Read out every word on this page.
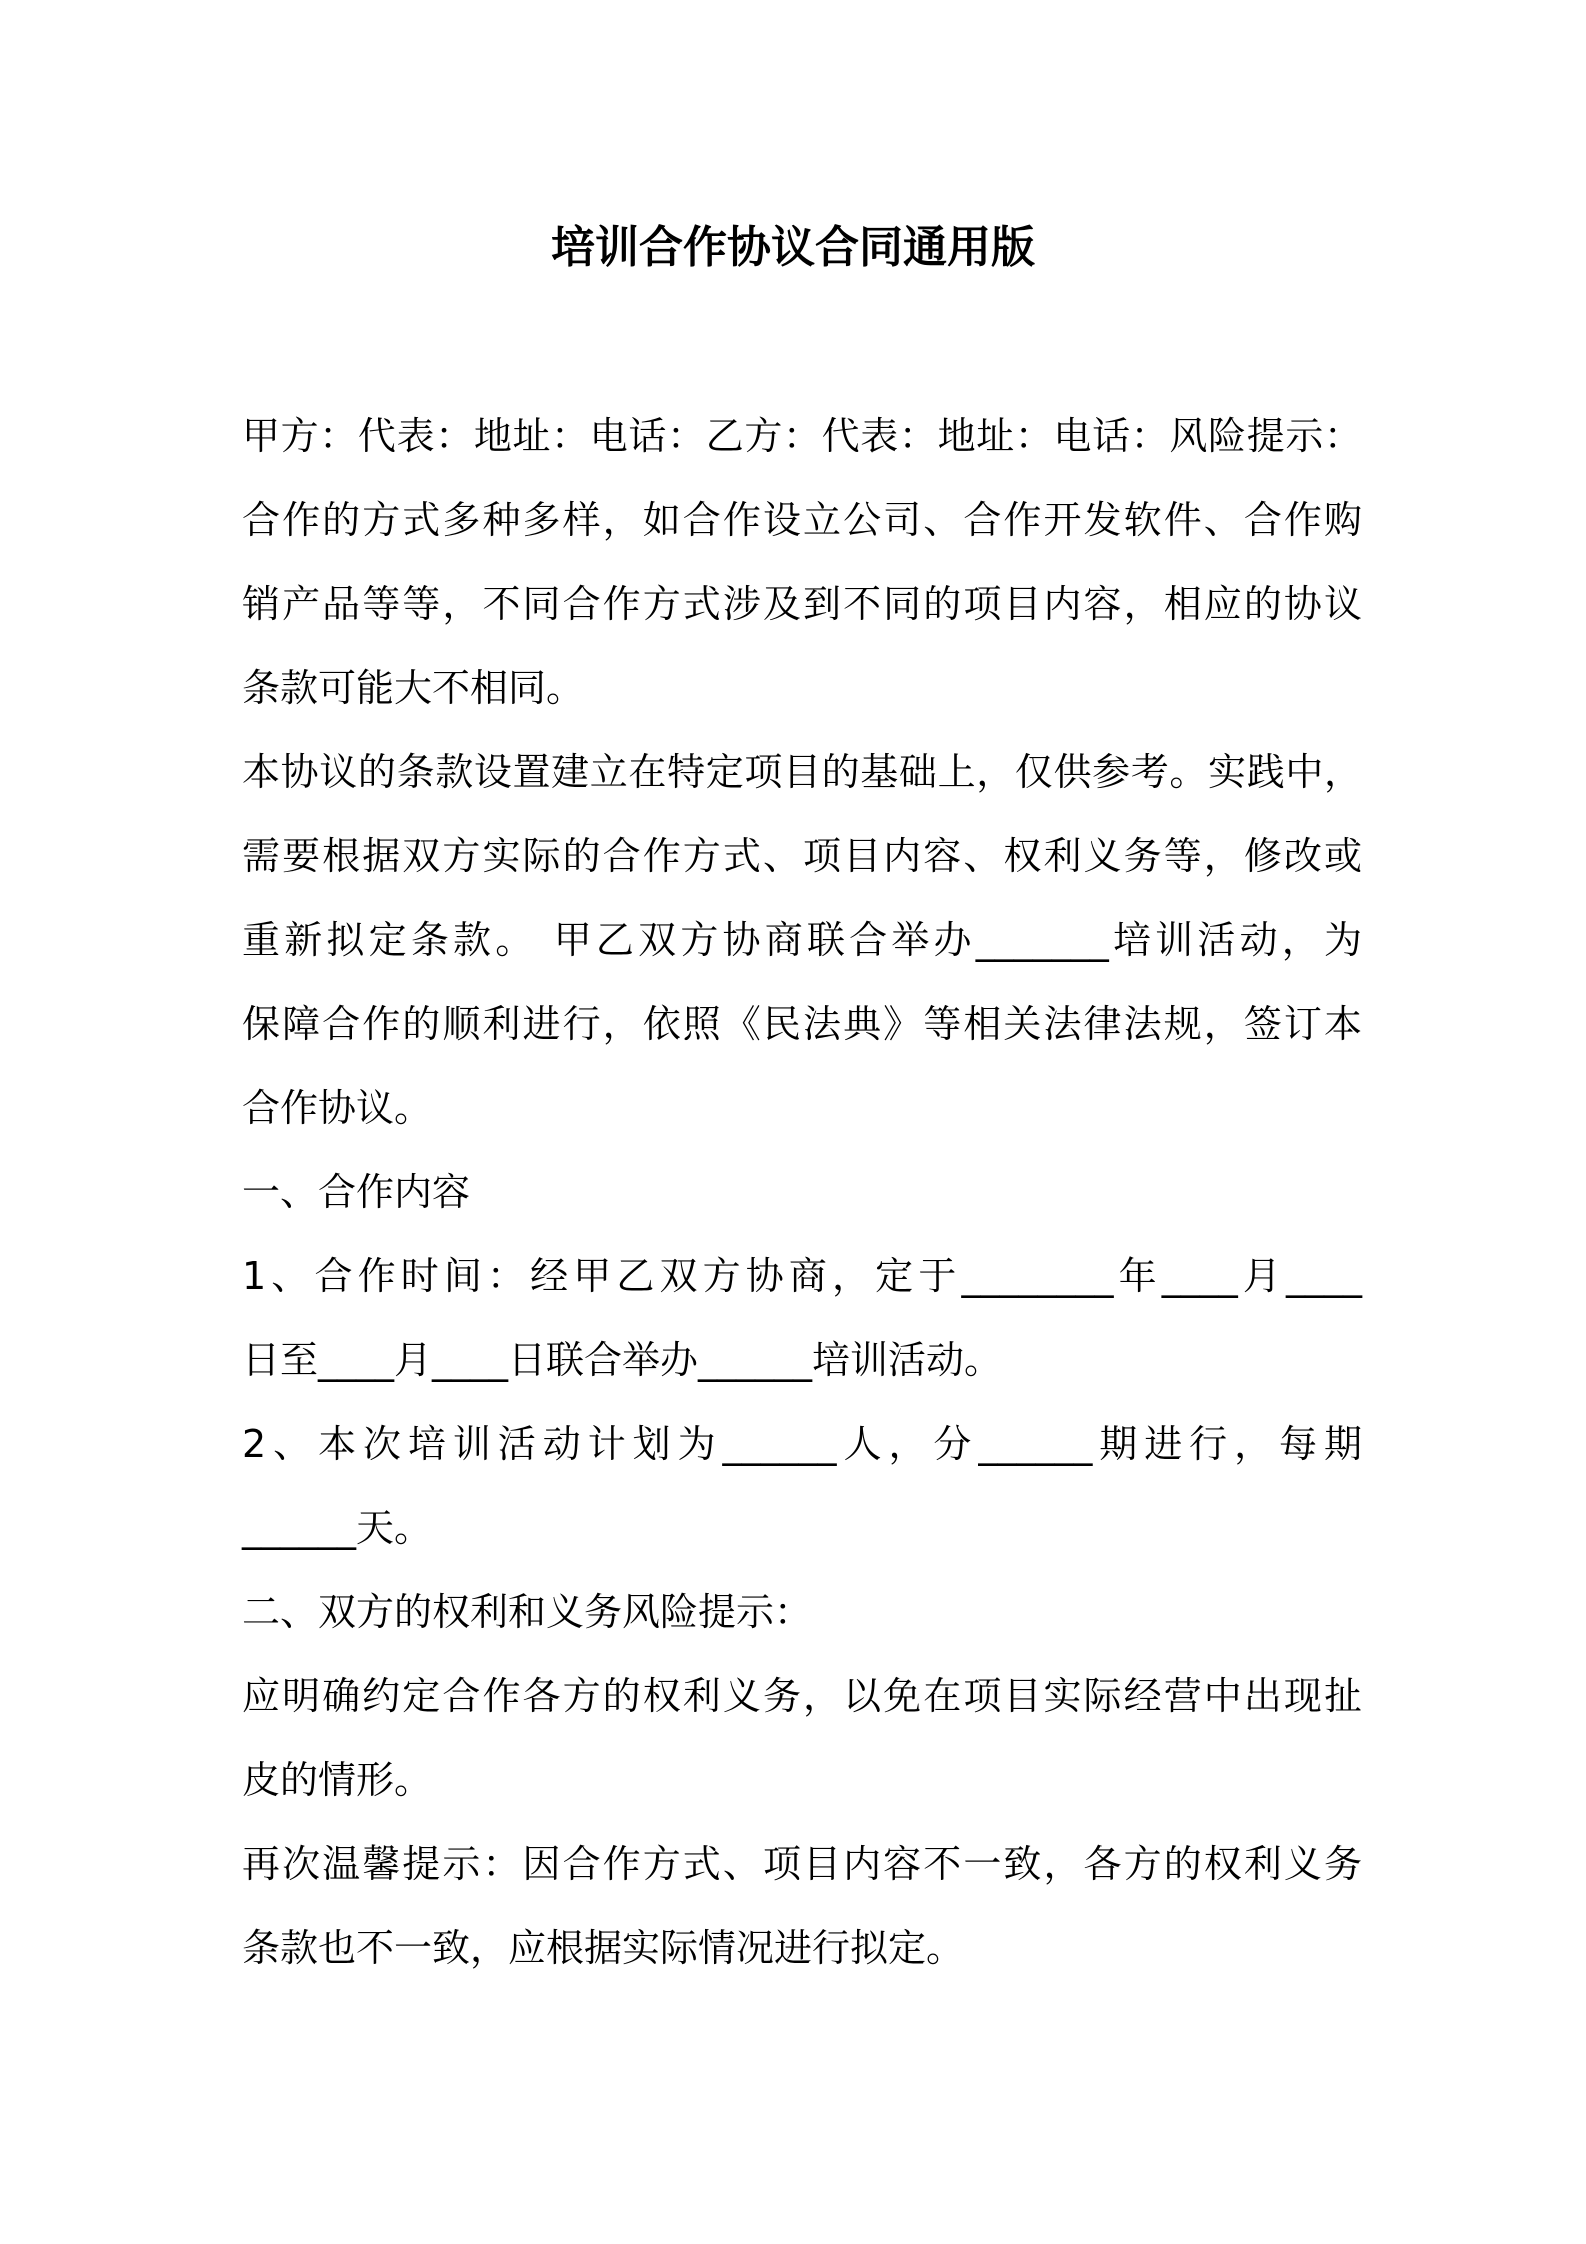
培训合作协议合同通用版

甲方：代表：地址：电话：乙方：代表：地址：电话：风险提示：

合作的方式多种多样，如合作设立公司、合作开发软件、合作购

销产品等等，不同合作方式涉及到不同的项目内容，相应的协议

条款可能大不相同。

本协议的条款设置建立在特定项目的基础上，仅供参考。实践中，

需要根据双方实际的合作方式、项目内容、权利义务等，修改或

重新拟定条款。 甲乙双方协商联合举办_______培训活动，为

保障合作的顺利进行，依照《民法典》等相关法律法规，签订本

合作协议。

一、合作内容

1、合作时间：经甲乙双方协商，定于________年____月____

日至____月____日联合举办______培训活动。

2、本次培训活动计划为______人，分______期进行，每期

______天。

二、双方的权利和义务风险提示：

应明确约定合作各方的权利义务，以免在项目实际经营中出现扯

皮的情形。

再次温馨提示：因合作方式、项目内容不一致，各方的权利义务

条款也不一致，应根据实际情况进行拟定。
